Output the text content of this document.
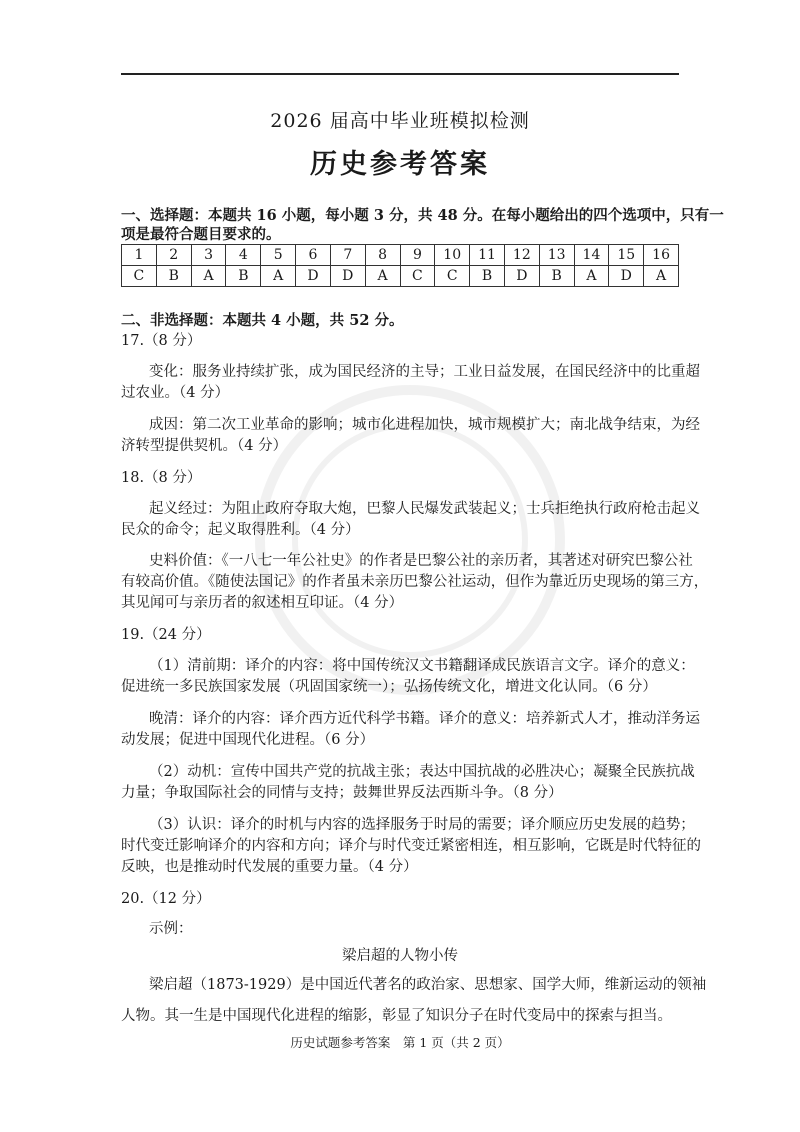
2026 届高中毕业班模拟检测
历史参考答案
一、选择题：本题共 16 小题，每小题 3 分，共 48 分。在每小题给出的四个选项中，只有一
项是最符合题目要求的。
1	2	3	4	5	6	7	8	9	10	11	12	13	14	15	16
C	B	A	B	A	D	D	A	C	C	B	D	B	A	D	A
二、非选择题：本题共 4 小题，共 52 分。
17.（8 分）
变化：服务业持续扩张，成为国民经济的主导；工业日益发展，在国民经济中的比重超
过农业。（4 分）
成因：第二次工业革命的影响；城市化进程加快，城市规模扩大；南北战争结束，为经
济转型提供契机。（4 分）
18.（8 分）
起义经过：为阻止政府夺取大炮，巴黎人民爆发武装起义；士兵拒绝执行政府枪击起义
民众的命令；起义取得胜利。（4 分）
史料价值：《一八七一年公社史》的作者是巴黎公社的亲历者，其著述对研究巴黎公社
有较高价值。《随使法国记》的作者虽未亲历巴黎公社运动，但作为靠近历史现场的第三方，
其见闻可与亲历者的叙述相互印证。（4 分）
19.（24 分）
（1）清前期：译介的内容：将中国传统汉文书籍翻译成民族语言文字。译介的意义：
促进统一多民族国家发展（巩固国家统一）；弘扬传统文化，增进文化认同。（6 分）
晚清：译介的内容：译介西方近代科学书籍。译介的意义：培养新式人才，推动洋务运
动发展；促进中国现代化进程。（6 分）
（2）动机：宣传中国共产党的抗战主张；表达中国抗战的必胜决心；凝聚全民族抗战
力量；争取国际社会的同情与支持；鼓舞世界反法西斯斗争。（8 分）
（3）认识：译介的时机与内容的选择服务于时局的需要；译介顺应历史发展的趋势；
时代变迁影响译介的内容和方向；译介与时代变迁紧密相连，相互影响，它既是时代特征的
反映，也是推动时代发展的重要力量。（4 分）
20.（12 分）
示例：
梁启超的人物小传
梁启超（1873-1929）是中国近代著名的政治家、思想家、国学大师，维新运动的领袖
人物。其一生是中国现代化进程的缩影，彰显了知识分子在时代变局中的探索与担当。
历史试题参考答案　第 1 页（共 2 页）
